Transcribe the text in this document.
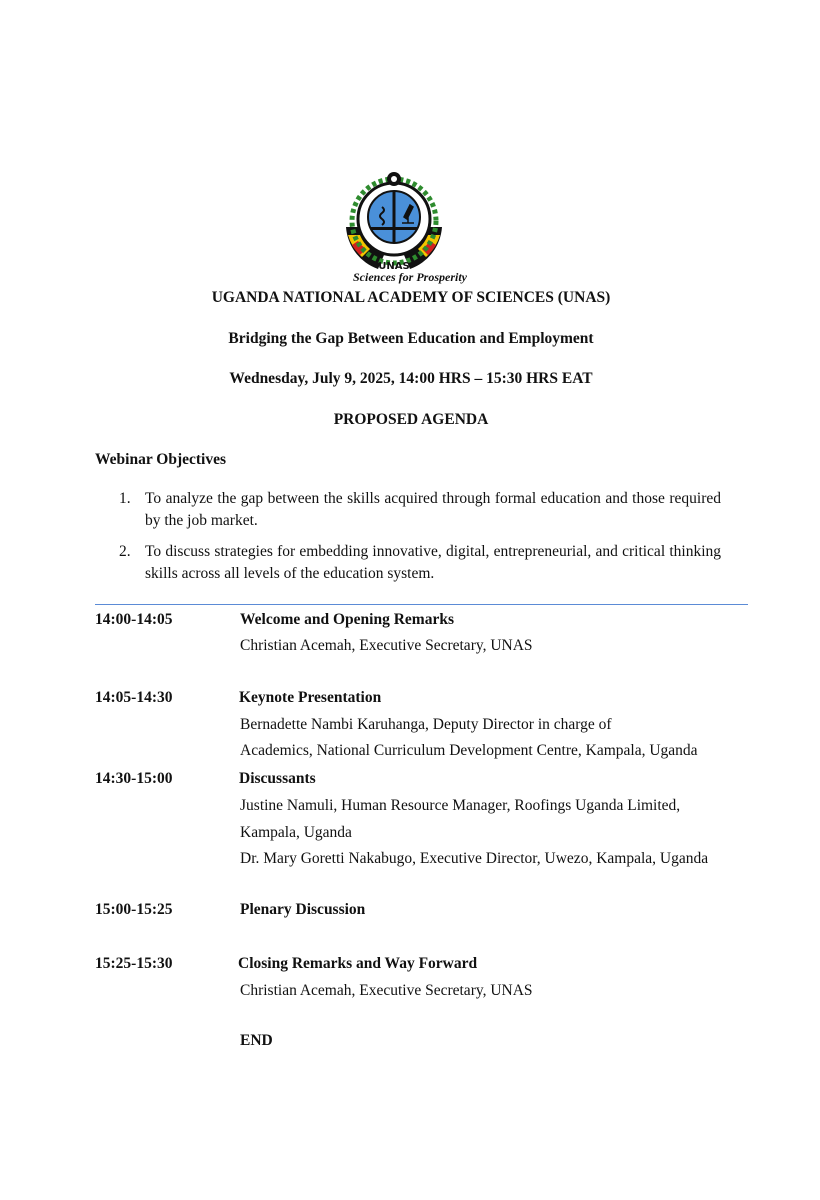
UNAS
Sciences for Prosperity
UGANDA NATIONAL ACADEMY OF SCIENCES (UNAS)
Bridging the Gap Between Education and Employment
Wednesday, July 9, 2025, 14:00 HRS – 15:30 HRS EAT
PROPOSED AGENDA
Webinar Objectives
1. To analyze the gap between the skills acquired through formal education and those required by the job market.
2. To discuss strategies for embedding innovative, digital, entrepreneurial, and critical thinking skills across all levels of the education system.
14:00-14:05	Welcome and Opening Remarks
Christian Acemah, Executive Secretary, UNAS
14:05-14:30	Keynote Presentation
Bernadette Nambi Karuhanga, Deputy Director in charge of
Academics, National Curriculum Development Centre, Kampala, Uganda
14:30-15:00	Discussants
Justine Namuli, Human Resource Manager, Roofings Uganda Limited,
Kampala, Uganda
Dr. Mary Goretti Nakabugo, Executive Director, Uwezo, Kampala, Uganda
15:00-15:25	Plenary Discussion
15:25-15:30	Closing Remarks and Way Forward
Christian Acemah, Executive Secretary, UNAS
END
